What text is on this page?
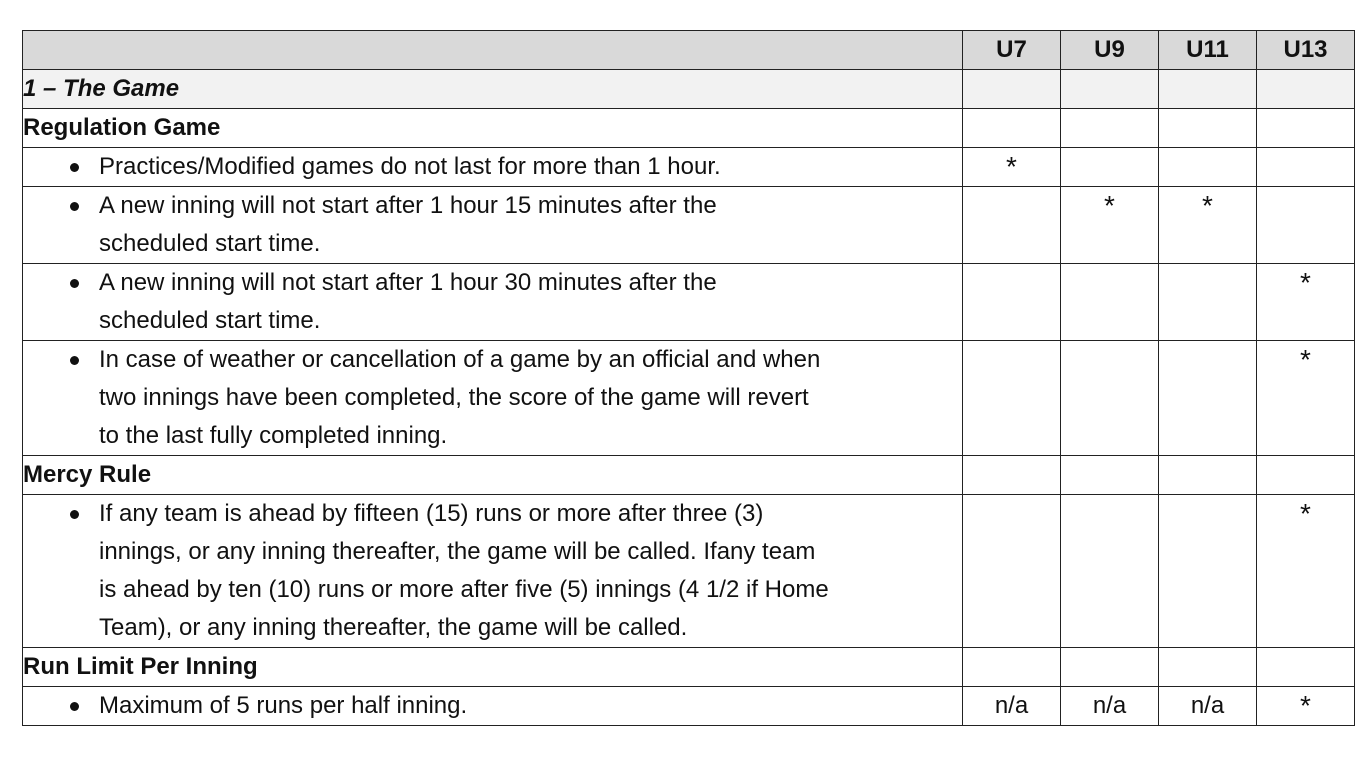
	U7	U9	U11	U13
1 – The Game				
Regulation Game				

Practices/Modified games do not last for more than 1 hour.	*			

A new inning will not start after 1 hour 15 minutes after the
scheduled start time.		*	*	

A new inning will not start after 1 hour 30 minutes after the
scheduled start time.				*

In case of weather or cancellation of a game by an official and when
two innings have been completed, the score of the game will revert
to the last fully completed inning.				*
Mercy Rule				

If any team is ahead by fifteen (15) runs or more after three (3)
innings, or any inning thereafter, the game will be called. Ifany team
is ahead by ten (10) runs or more after five (5) innings (4 1/2 if Home
Team), or any inning thereafter, the game will be called.				*
Run Limit Per Inning				

Maximum of 5 runs per half inning.	n/a	n/a	n/a	*
